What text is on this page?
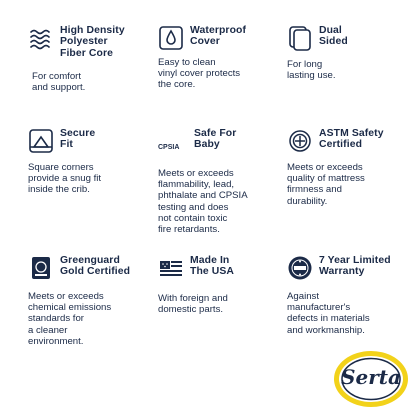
High Density
Polyester
Fiber Core
For comfort
and support.
Waterproof
Cover
Easy to clean
vinyl cover protects
the core.
Dual
Sided
For long
lasting use.
Secure
Fit
Square corners
provide a snug fit
inside the crib.
CPSIA
Safe For
Baby
Meets or exceeds
flammability, lead,
phthalate and CPSIA
testing and does
not contain toxic
fire retardants.
ASTM Safety
Certified
Meets or exceeds
quality of mattress
firmness and
durability.
Greenguard
Gold Certified
Meets or exceeds
chemical emissions
standards for
a cleaner
environment.
Made In
The USA
With foreign and
domestic parts.
7 Year Limited
Warranty
Against
manufacturer's
defects in materials
and workmanship.
Serta
